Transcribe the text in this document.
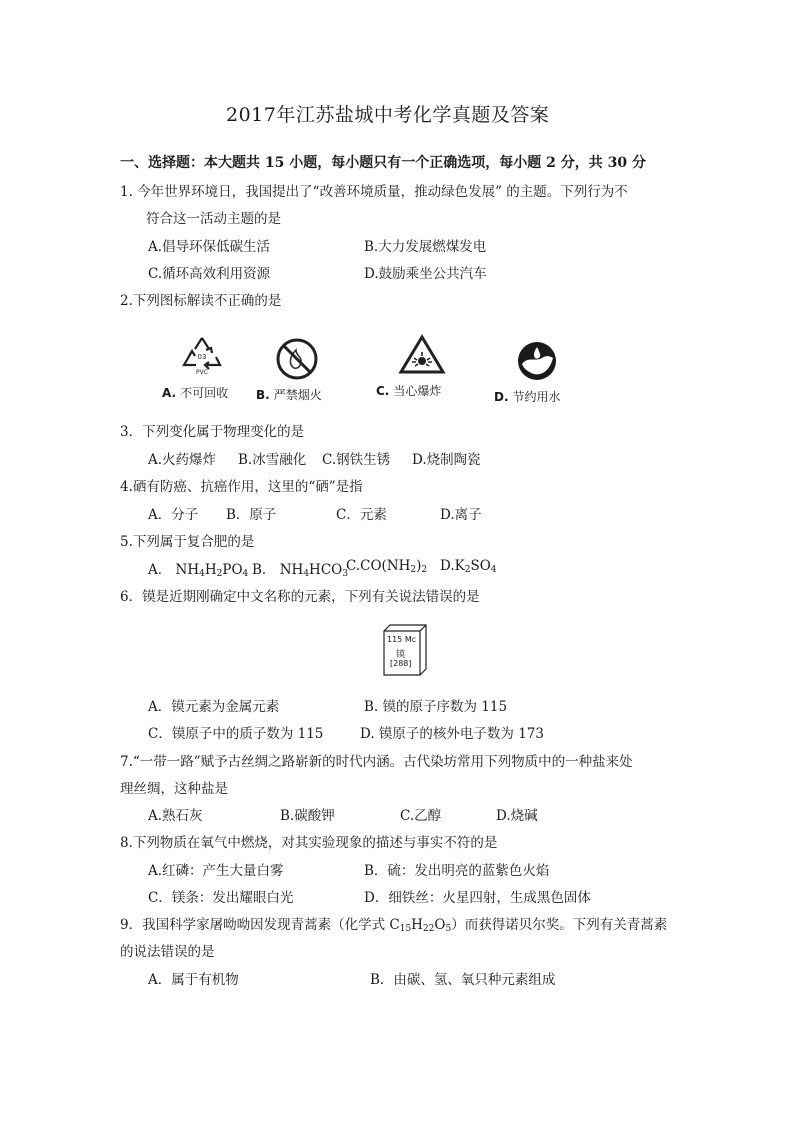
2017年江苏盐城中考化学真题及答案
一、选择题：本大题共 15 小题，每小题只有一个正确选项，每小题 2 分，共 30 分
1. 今年世界环境日，我国提出了“改善环境质量，推动绿色发展” 的主题。下列行为不
符合这一活动主题的是
A.倡导环保低碳生活	B.大力发展燃煤发电
C.循环高效利用资源	D.鼓励乘坐公共汽车
2.下列图标解读不正确的是
03
PVC
A. 不可回收 B. 严禁烟火	C. 当心爆炸	D. 节约用水
3．下列变化属于物理变化的是
A.火药爆炸 B.冰雪融化 C.钢铁生锈 D.烧制陶瓷
4.硒有防癌、抗癌作用，这里的“硒”是指
A．分子 B．原子	C．元素	D.离子
5.下列属于复合肥的是
A． $NH_4H_2PO_4$ B． $NH_4HCO_3$
$C.CO(NH_2)_2$ $D.K_2SO_4$
6．镆是近期刚确定中文名称的元素，下列有关说法错误的是
115 Mc
镆
[288]
A．镆元素为金属元素	B. 镆的原子序数为 115
C．镆原子中的质子数为 115	D. 镆原子的核外电子数为 173
7.“一带一路”赋予古丝绸之路崭新的时代内涵。古代染坊常用下列物质中的一种盐来处
理丝绸，这种盐是
A.熟石灰	B.碳酸钾	C.乙醇	D.烧碱
8.下列物质在氧气中燃烧，对其实验现象的描述与事实不符的是
A.红磷：产生大量白雾	B．硫：发出明亮的蓝紫色火焰
C．镁条：发出耀眼白光	D．细铁丝：火星四射，生成黑色固体
9．我国科学家屠呦呦因发现青蒿素（化学式 $C_{15}H_{22}O_5$）而获得诺贝尔奖。下列有关青蒿素
的说法错误的是
A．属于有机物	B．由碳、氢、氧只种元素组成
